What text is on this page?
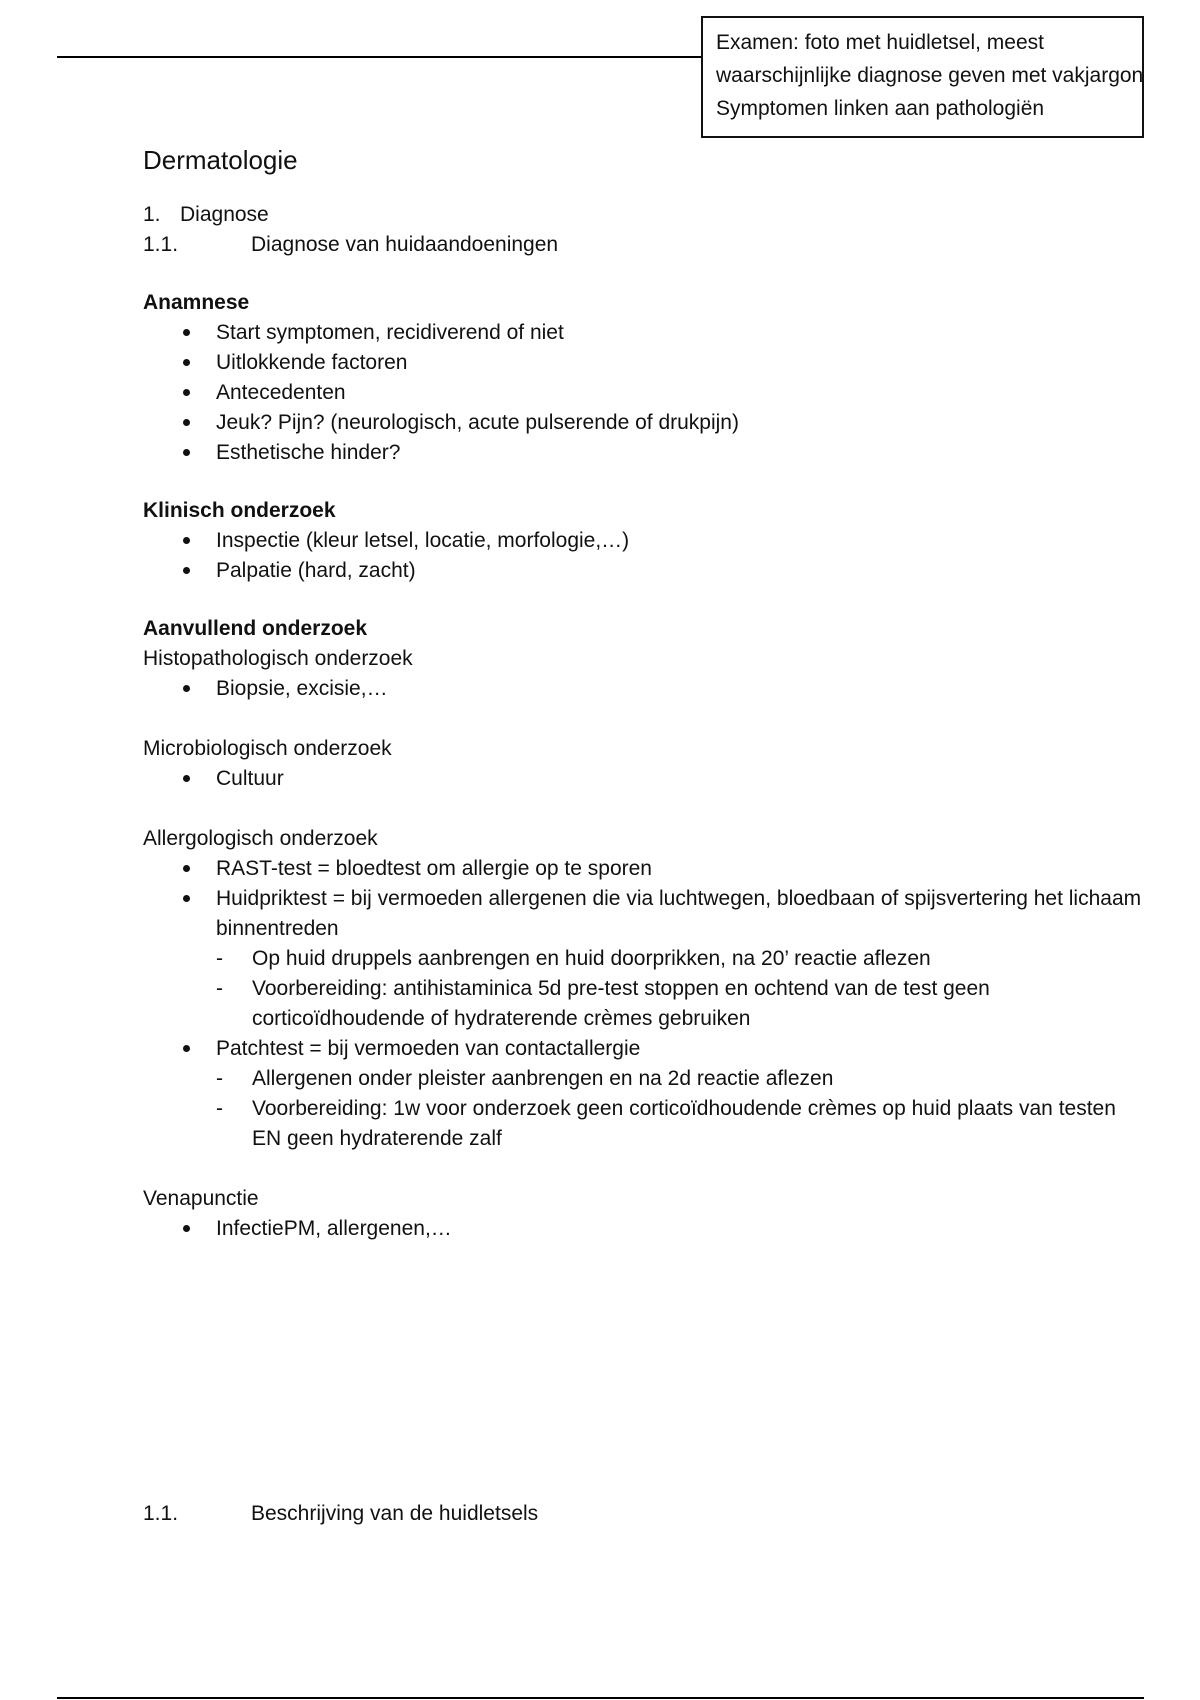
Examen: foto met huidletsel, meest
waarschijnlijke diagnose geven met vakjargon
Symptomen linken aan pathologiën
Dermatologie
1. Diagnose
1.1.	Diagnose van huidaandoeningen
Anamnese
Start symptomen, recidiverend of niet
Uitlokkende factoren
Antecedenten
Jeuk? Pijn? (neurologisch, acute pulserende of drukpijn)
Esthetische hinder?
Klinisch onderzoek
Inspectie (kleur letsel, locatie, morfologie,…)
Palpatie (hard, zacht)
Aanvullend onderzoek
Histopathologisch onderzoek
Biopsie, excisie,…
Microbiologisch onderzoek
Cultuur
Allergologisch onderzoek
RAST-test = bloedtest om allergie op te sporen
Huidpriktest = bij vermoeden allergenen die via luchtwegen, bloedbaan of spijsvertering het lichaam binnentreden
- Op huid druppels aanbrengen en huid doorprikken, na 20’ reactie aflezen
- Voorbereiding: antihistaminica 5d pre-test stoppen en ochtend van de test geen corticoïdhoudende of hydraterende crèmes gebruiken
Patchtest = bij vermoeden van contactallergie
- Allergenen onder pleister aanbrengen en na 2d reactie aflezen
- Voorbereiding: 1w voor onderzoek geen corticoïdhoudende crèmes op huid plaats van testen EN geen hydraterende zalf
Venapunctie
InfectiePM, allergenen,…
1.1.	Beschrijving van de huidletsels
